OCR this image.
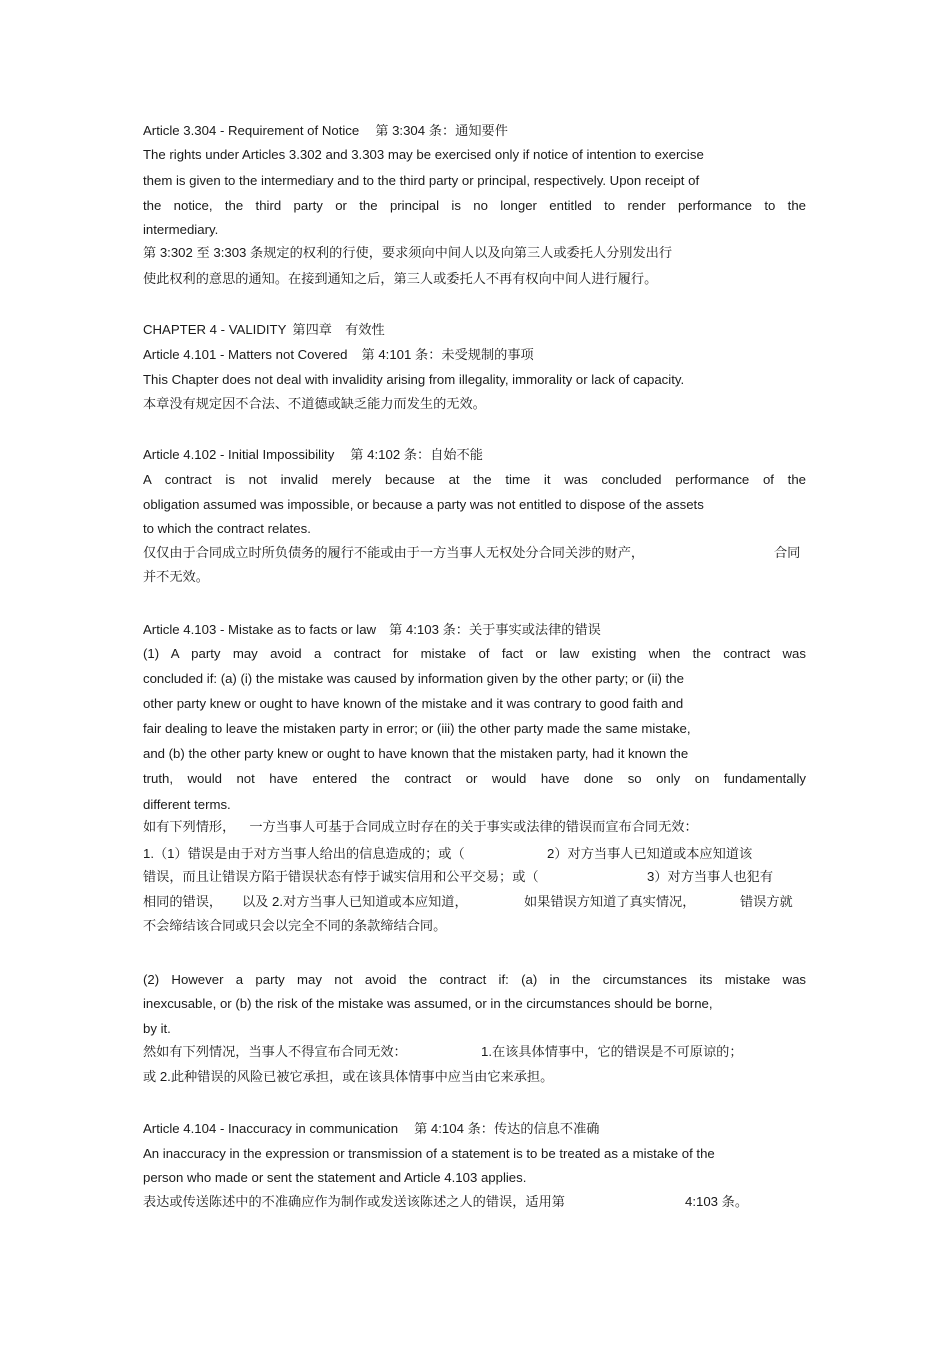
Article 3.304 - Requirement of Notice 第 3:304 条：通知要件
The rights under Articles 3.302 and 3.303 may be exercised only if notice of intention to exercise
them is given to the intermediary and to the third party or principal, respectively. Upon receipt of
the notice, the third party or the principal is no longer entitled to render performance to the
intermediary.
第 3:302 至 3:303 条规定的权利的行使，要求须向中间人以及向第三人或委托人分别发出行
使此权利的意思的通知。在接到通知之后，第三人或委托人不再有权向中间人进行履行。
CHAPTER 4 - VALIDITY 第四章　有效性
Article 4.101 - Matters not Covered 第 4:101 条：未受规制的事项
This Chapter does not deal with invalidity arising from illegality, immorality or lack of capacity.
本章没有规定因不合法、不道德或缺乏能力而发生的无效。
Article 4.102 - Initial Impossibility 第 4:102 条：自始不能
A contract is not invalid merely because at the time it was concluded performance of the
obligation assumed was impossible, or because a party was not entitled to dispose of the assets
to which the contract relates.
仅仅由于合同成立时所负债务的履行不能或由于一方当事人无权处分合同关涉的财产，	合同
并不无效。
Article 4.103 - Mistake as to facts or law 第 4:103 条：关于事实或法律的错误
(1) A party may avoid a contract for mistake of fact or law existing when the contract was
concluded if: (a) (i) the mistake was caused by information given by the other party; or (ii) the
other party knew or ought to have known of the mistake and it was contrary to good faith and
fair dealing to leave the mistaken party in error; or (iii) the other party made the same mistake,
and (b) the other party knew or ought to have known that the mistaken party, had it known the
truth, would not have entered the contract or would have done so only on fundamentally
different terms.
如有下列情形， 一方当事人可基于合同成立时存在的关于事实或法律的错误而宣布合同无效：
1.（1）错误是由于对方当事人给出的信息造成的；或（	2）对方当事人已知道或本应知道该
错误，而且让错误方陷于错误状态有悖于诚实信用和公平交易；或（	3）对方当事人也犯有
相同的错误， 以及 2.对方当事人已知道或本应知道，	如果错误方知道了真实情况，	错误方就
不会缔结该合同或只会以完全不同的条款缔结合同。
(2) However a party may not avoid the contract if: (a) in the circumstances its mistake was
inexcusable, or (b) the risk of the mistake was assumed, or in the circumstances should be borne,
by it.
然如有下列情况，当事人不得宣布合同无效：	1.在该具体情事中，它的错误是不可原谅的；
或 2.此种错误的风险已被它承担，或在该具体情事中应当由它来承担。
Article 4.104 - Inaccuracy in communication 第 4:104 条：传达的信息不准确
An inaccuracy in the expression or transmission of a statement is to be treated as a mistake of the
person who made or sent the statement and Article 4.103 applies.
表达或传送陈述中的不准确应作为制作或发送该陈述之人的错误，适用第	4:103 条。
